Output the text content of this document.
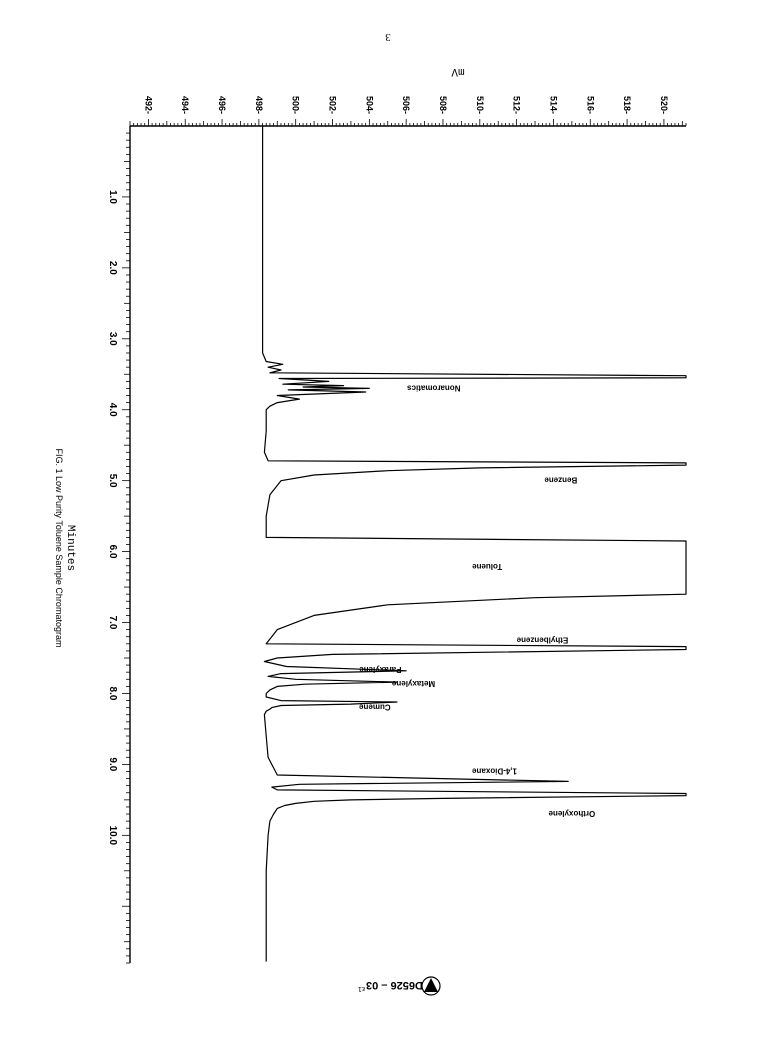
492-	494-	496-	498-	500-	502-	504-	506-	508-	510-	512-	514-	516-	518-	520-
1.0
2.0
3.0
4.0
5.0
6.0
7.0
8.0
9.0
10.0
Nonaromatics
Benzene
Toluene
Ethylbenzene
Paraxylene
Metaxylene
Cumene
1,4-Dioxane
Orthoxylene
mV
Minutes
FIG. 1 Low Purity Toluene Sample Chromatogram
3
D6526 – 03
ε1	ASTM
